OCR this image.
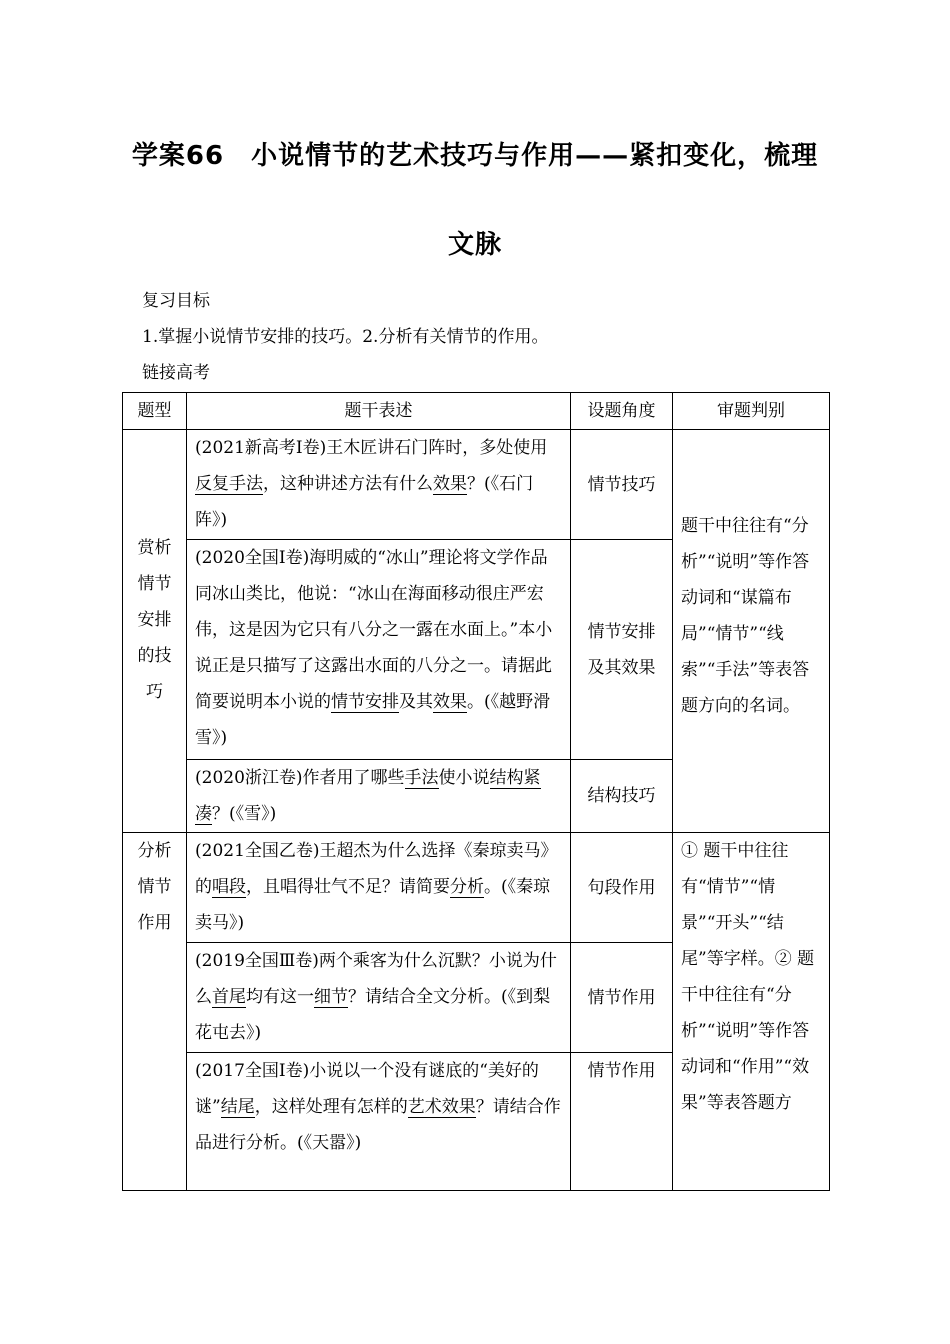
学案66　小说情节的艺术技巧与作用——紧扣变化，梳理
文脉

复习目标

1.掌握小说情节安排的技巧。2.分析有关情节的作用。

链接高考

题型	题干表述	设题角度	审题判别
赏析情节安排的技巧	(2021新高考Ⅰ卷)王木匠讲石门阵时，多处使用反复手法，这种讲述方法有什么效果？(《石门阵》)	情节技巧	题干中往往有“分析”“说明”等作答动词和“谋篇布局”“情节”“线索”“手法”等表答题方向的名词。
	(2020全国Ⅰ卷)海明威的“冰山”理论将文学作品同冰山类比，他说：“冰山在海面移动很庄严宏伟，这是因为它只有八分之一露在水面上。”本小说正是只描写了这露出水面的八分之一。请据此简要说明本小说的情节安排及其效果。(《越野滑雪》)	情节安排及其效果	
	(2020浙江卷)作者用了哪些手法使小说结构紧凑？(《雪》)	结构技巧	
分析情节作用	(2021全国乙卷)王超杰为什么选择《秦琼卖马》的唱段，且唱得壮气不足？请简要分析。(《秦琼卖马》)	句段作用	① 题干中往往有“情节”“情景”“开头”“结尾”等字样。② 题干中往往有“分析”“说明”等作答动词和“作用”“效果”等表答题方
	(2019全国Ⅲ卷)两个乘客为什么沉默？小说为什么首尾均有这一细节？请结合全文分析。(《到梨花屯去》)	情节作用	
	(2017全国Ⅰ卷)小说以一个没有谜底的“美好的谜”结尾，这样处理有怎样的艺术效果？请结合作品进行分析。(《天嚣》)	情节作用	
